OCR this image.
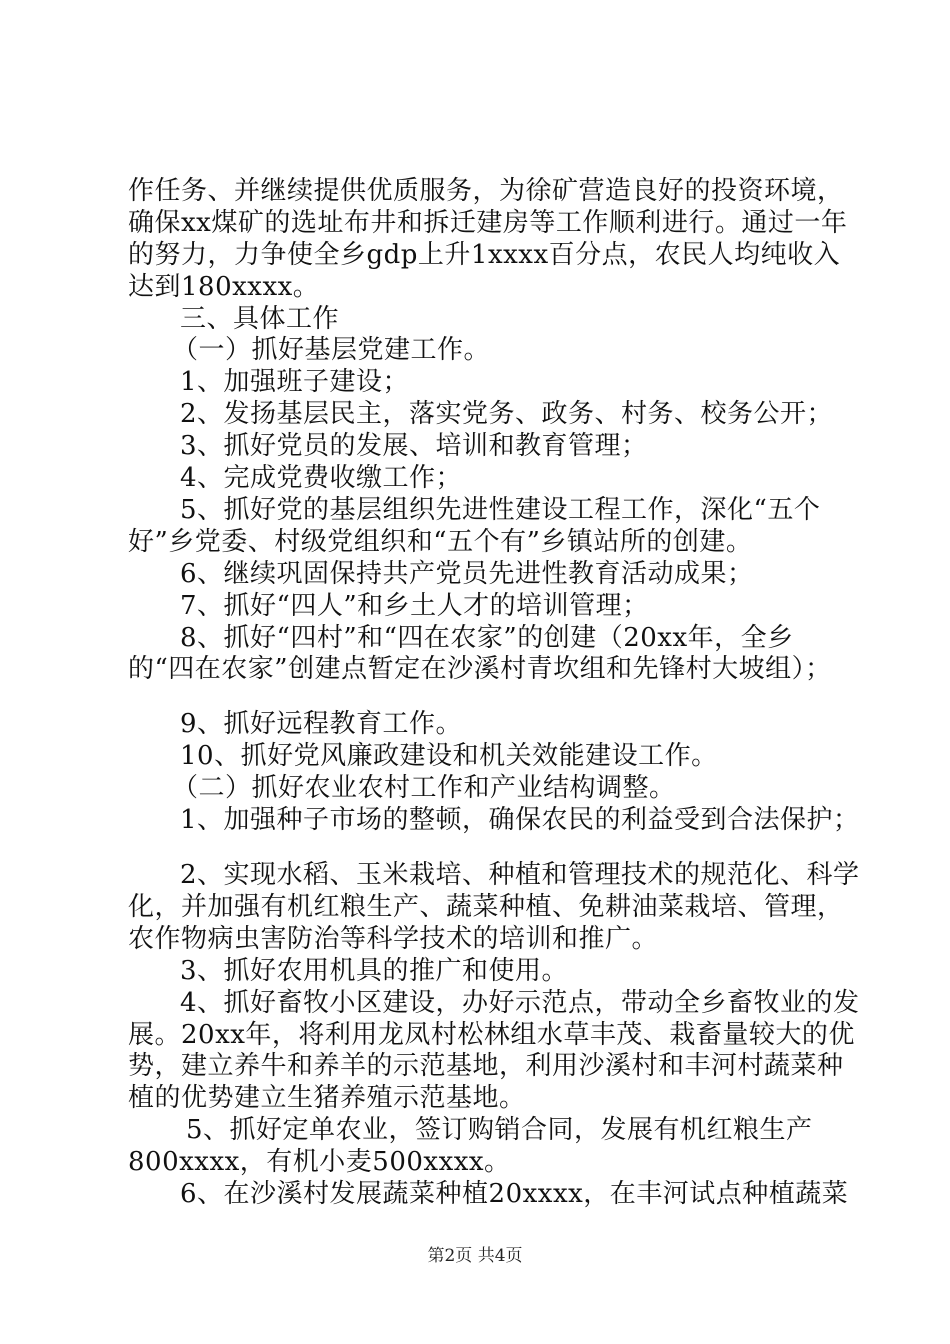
作任务、并继续提供优质服务，为徐矿营造良好的投资环境，
确保xx煤矿的选址布井和拆迁建房等工作顺利进行。通过一年
的努力，力争使全乡gdp上升1xxxx百分点，农民人均纯收入
达到180xxxx。
三、具体工作
（一）抓好基层党建工作。
1、加强班子建设；
2、发扬基层民主，落实党务、政务、村务、校务公开；
3、抓好党员的发展、培训和教育管理；
4、完成党费收缴工作；
5、抓好党的基层组织先进性建设工程工作，深化“五个
好”乡党委、村级党组织和“五个有”乡镇站所的创建。
6、继续巩固保持共产党员先进性教育活动成果；
7、抓好“四人”和乡土人才的培训管理；
8、抓好“四村”和“四在农家”的创建（20xx年，全乡
的“四在农家”创建点暂定在沙溪村青坎组和先锋村大坡组）；
9、抓好远程教育工作。
10、抓好党风廉政建设和机关效能建设工作。
（二）抓好农业农村工作和产业结构调整。
1、加强种子市场的整顿，确保农民的利益受到合法保护；
2、实现水稻、玉米栽培、种植和管理技术的规范化、科学
化，并加强有机红粮生产、蔬菜种植、免耕油菜栽培、管理，
农作物病虫害防治等科学技术的培训和推广。
3、抓好农用机具的推广和使用。
4、抓好畜牧小区建设，办好示范点，带动全乡畜牧业的发
展。20xx年，将利用龙凤村松林组水草丰茂、栽畜量较大的优
势，建立养牛和养羊的示范基地，利用沙溪村和丰河村蔬菜种
植的优势建立生猪养殖示范基地。
5、抓好定单农业，签订购销合同，发展有机红粮生产
800xxxx，有机小麦500xxxx。
6、在沙溪村发展蔬菜种植20xxxx，在丰河试点种植蔬菜
第2页 共4页
